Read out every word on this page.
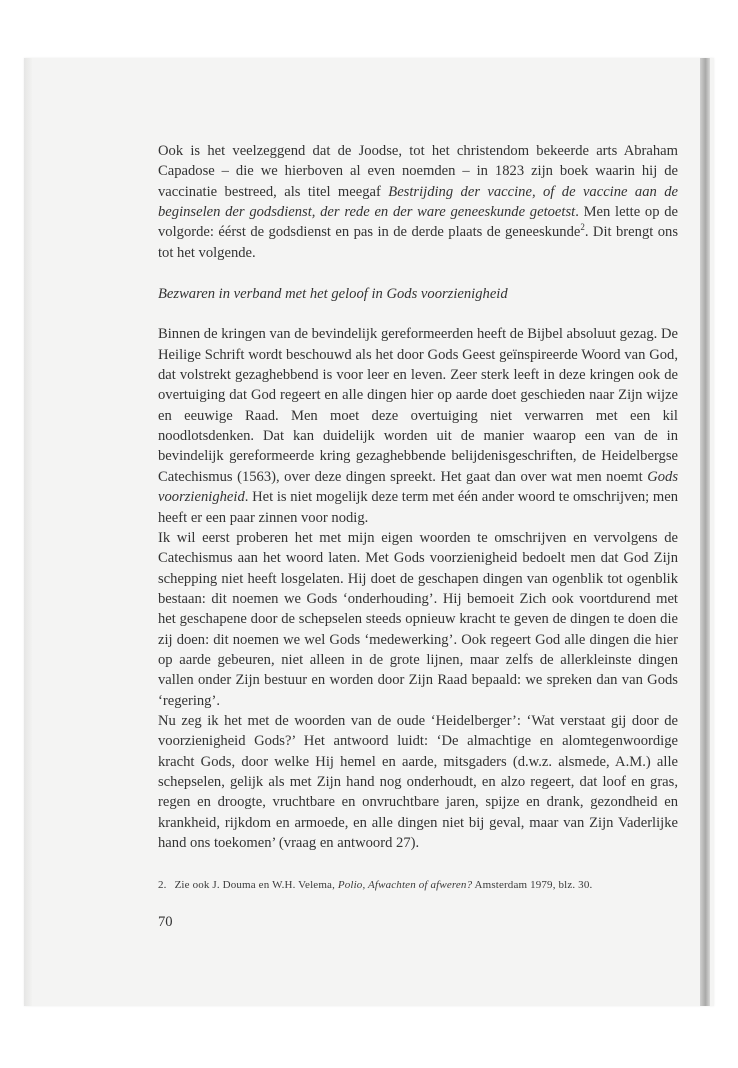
Ook is het veelzeggend dat de Joodse, tot het christendom bekeerde arts Abraham Capadose – die we hierboven al even noemden – in 1823 zijn boek waarin hij de vaccinatie bestreed, als titel meegaf Bestrijding der vaccine, of de vaccine aan de beginselen der godsdienst, der rede en der ware geneeskunde getoetst. Men lette op de volgorde: éérst de godsdienst en pas in de derde plaats de geneeskunde$^2$. Dit brengt ons tot het volgende.

Bezwaren in verband met het geloof in Gods voorzienigheid

Binnen de kringen van de bevindelijk gereformeerden heeft de Bijbel absoluut gezag. De Heilige Schrift wordt beschouwd als het door Gods Geest geïnspireerde Woord van God, dat volstrekt gezaghebbend is voor leer en leven. Zeer sterk leeft in deze kringen ook de overtuiging dat God regeert en alle dingen hier op aarde doet geschieden naar Zijn wijze en eeuwige Raad. Men moet deze overtuiging niet verwarren met een kil noodlotsdenken. Dat kan duidelijk worden uit de manier waarop een van de in bevindelijk gereformeerde kring gezaghebbende belijdenisgeschriften, de Heidelbergse Catechismus (1563), over deze dingen spreekt. Het gaat dan over wat men noemt Gods voorzienigheid. Het is niet mogelijk deze term met één ander woord te omschrijven; men heeft er een paar zinnen voor nodig.

Ik wil eerst proberen het met mijn eigen woorden te omschrijven en vervolgens de Catechismus aan het woord laten. Met Gods voorzienigheid bedoelt men dat God Zijn schepping niet heeft losgelaten. Hij doet de geschapen dingen van ogenblik tot ogenblik bestaan: dit noemen we Gods ‘onderhouding’. Hij bemoeit Zich ook voortdurend met het geschapene door de schepselen steeds opnieuw kracht te geven de dingen te doen die zij doen: dit noemen we wel Gods ‘medewerking’. Ook regeert God alle dingen die hier op aarde gebeuren, niet alleen in de grote lijnen, maar zelfs de allerkleinste dingen vallen onder Zijn bestuur en worden door Zijn Raad bepaald: we spreken dan van Gods ‘regering’.

Nu zeg ik het met de woorden van de oude ‘Heidelberger’: ‘Wat verstaat gij door de voorzienigheid Gods?’ Het antwoord luidt: ‘De almachtige en alomtegenwoordige kracht Gods, door welke Hij hemel en aarde, mitsgaders (d.w.z. alsmede, A.M.) alle schepselen, gelijk als met Zijn hand nog onderhoudt, en alzo regeert, dat loof en gras, regen en droogte, vruchtbare en onvruchtbare jaren, spijze en drank, gezondheid en krankheid, rijkdom en armoede, en alle dingen niet bij geval, maar van Zijn Vaderlijke hand ons toekomen’ (vraag en antwoord 27).

2. Zie ook J. Douma en W.H. Velema, Polio, Afwachten of afweren? Amsterdam 1979, blz. 30.
70
